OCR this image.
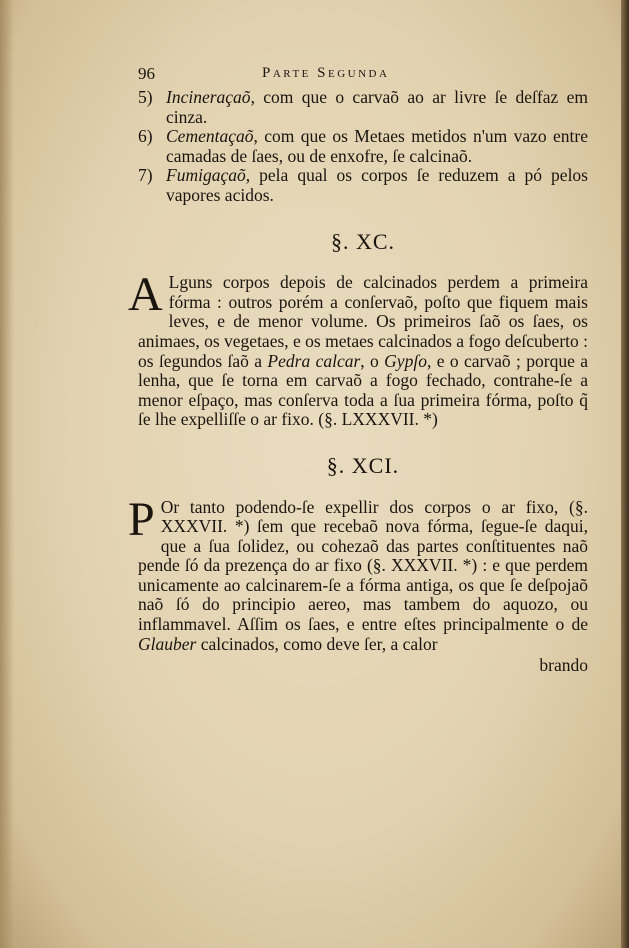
96	Parte Segunda
5) Incineraçaõ, com que o carvaõ ao ar livre ſe deſfaz em cinza.
6) Cementaçaõ, com que os Metaes metidos n'um vazo entre camadas de ſaes, ou de enxofre, ſe calcinaõ.
7) Fumigaçaõ, pela qual os corpos ſe reduzem a pó pelos vapores acidos.
§. XC.
A Lguns corpos depois de calcinados perdem a primeira fórma : outros porém a conſervaõ, poſto que fiquem mais leves, e de menor volume. Os primeiros ſaõ os ſaes, os animaes, os vegetaes, e os metaes calcinados a fogo deſcuberto : os ſegundos ſaõ a Pedra calcar, o Gypſo, e o carvaõ ; porque a lenha, que ſe torna em carvaõ a fogo fechado, contrahe-ſe a menor eſpaço, mas conſerva toda a ſua primeira fórma, poſto q̃ ſe lhe expelliſſe o ar fixo. (§. LXXXVII. *)
§. XCI.
P Or tanto podendo-ſe expellir dos corpos o ar fixo, (§. XXXVII. *) ſem que recebaõ nova fórma, ſegue-ſe daqui, que a ſua ſolidez, ou cohezaõ das partes conſtituentes naõ pende ſó da prezença do ar fixo (§. XXXVII. *) : e que perdem unicamente ao calcinarem-ſe a fórma antiga, os que ſe deſpojaõ naõ ſó do principio aereo, mas tambem do aquozo, ou inflammavel. Aſſim os ſaes, e entre eſtes principalmente o de Glauber calcinados, como deve ſer, a calor
brando
